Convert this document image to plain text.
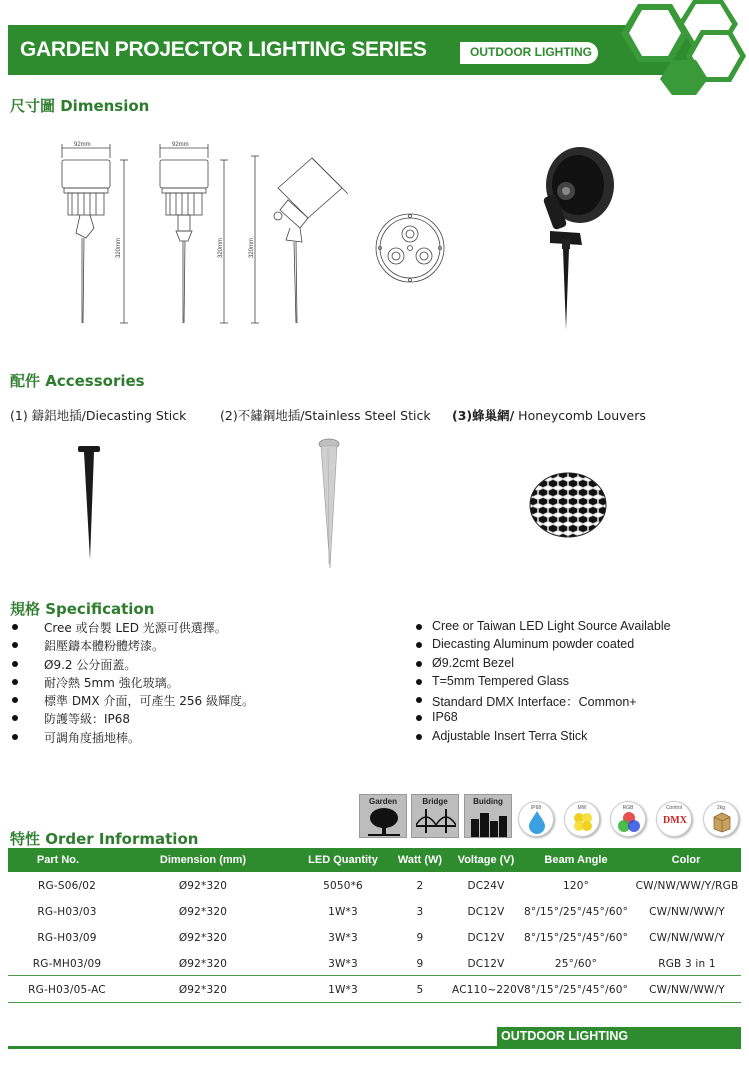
GARDEN PROJECTOR LIGHTING SERIES	OUTDOOR LIGHTING
尺寸圖 Dimension
92mm	92mm
320mm	320mm	320mm
配件 Accessories
(1) 鑄鋁地插/Diecasting Stick	(2)不鏽鋼地插/Stainless Steel Stick (3)蜂巢網/ Honeycomb Louvers
規格 Specification
Cree 或台製 LED 光源可供選擇。
鋁壓鑄本體粉體烤漆。
Ø9.2 公分面蓋。
耐冷熱 5mm 強化玻璃。
標準 DMX 介面，可產生 256 級輝度。
防護等級：IP68
可調角度插地棒。
Cree or Taiwan LED Light Source Available
Diecasting Aluminum powder coated
Ø9.2cmt Bezel
T=5mm Tempered Glass
Standard DMX Interface：Common+
IP68
Adjustable Insert Terra Stick
Garden	Bridge	Buiding
IP68	MW	RGB	Control
DMX
2kg
特性 Order Information
Part No.	Dimension (mm)	LED Quantity	Watt (W)	Voltage (V)	Beam Angle	Color
RG-S06/02	Ø92*320	5050*6	2	DC24V	120°	CW/NW/WW/Y/RGB
RG-H03/03	Ø92*320	1W*3	3	DC12V	8°/15°/25°/45°/60°	CW/NW/WW/Y
RG-H03/09	Ø92*320	3W*3	9	DC12V	8°/15°/25°/45°/60°	CW/NW/WW/Y
RG-MH03/09	Ø92*320	3W*3	9	DC12V	25°/60°	RGB 3 in 1
RG-H03/05-AC	Ø92*320	1W*3	5	AC110~220V 8°/15°/25°/45°/60°	CW/NW/WW/Y
OUTDOOR LIGHTING
